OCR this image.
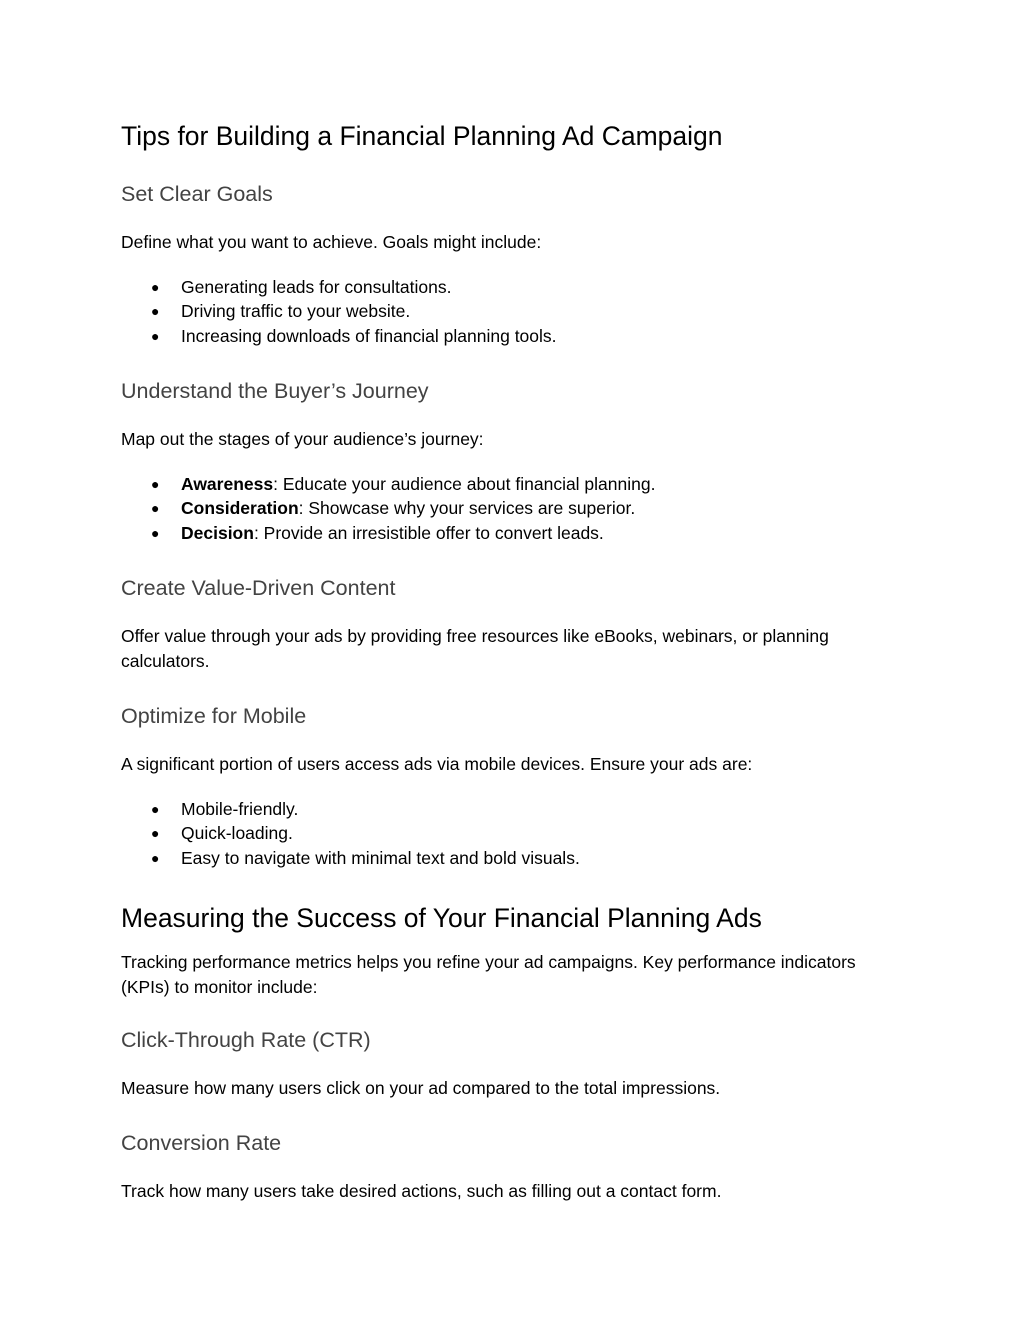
Tips for Building a Financial Planning Ad Campaign
Set Clear Goals

Define what you want to achieve. Goals might include:

● Generating leads for consultations.
● Driving traffic to your website.
● Increasing downloads of financial planning tools.
Understand the Buyer’s Journey

Map out the stages of your audience’s journey:

● Awareness: Educate your audience about financial planning.
● Consideration: Showcase why your services are superior.
● Decision: Provide an irresistible offer to convert leads.
Create Value-Driven Content

Offer value through your ads by providing free resources like eBooks, webinars, or planning calculators.

Optimize for Mobile

A significant portion of users access ads via mobile devices. Ensure your ads are:

● Mobile-friendly.
● Quick-loading.
● Easy to navigate with minimal text and bold visuals.
Measuring the Success of Your Financial Planning Ads

Tracking performance metrics helps you refine your ad campaigns. Key performance indicators (KPIs) to monitor include:

Click-Through Rate (CTR)

Measure how many users click on your ad compared to the total impressions.

Conversion Rate

Track how many users take desired actions, such as filling out a contact form.
